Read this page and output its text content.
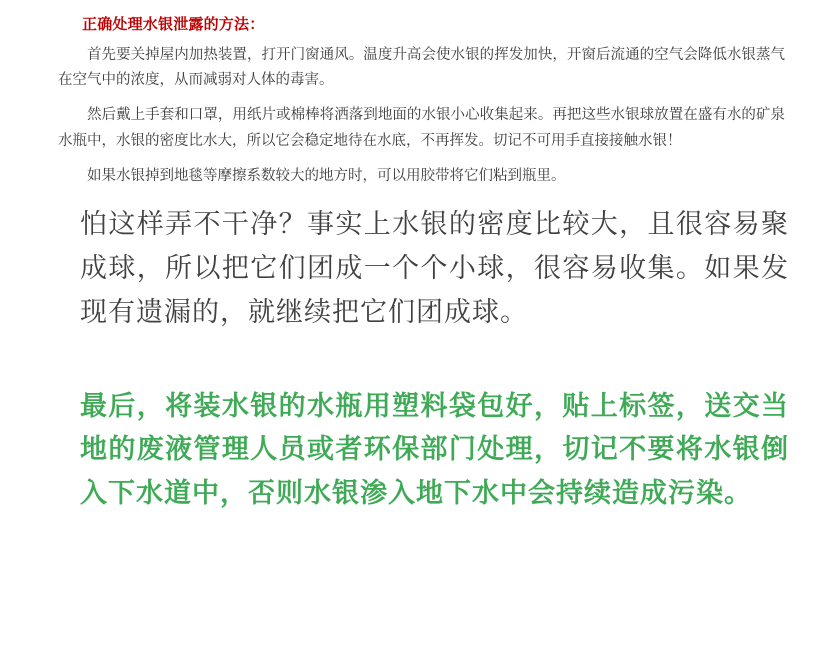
正确处理水银泄露的方法：

首先要关掉屋内加热装置，打开门窗通风。温度升高会使水银的挥发加快，开窗后流通的空气会降低水银蒸气在空气中的浓度，从而减弱对人体的毒害。

然后戴上手套和口罩，用纸片或棉棒将洒落到地面的水银小心收集起来。再把这些水银球放置在盛有水的矿泉水瓶中，水银的密度比水大，所以它会稳定地待在水底，不再挥发。切记不可用手直接接触水银！

如果水银掉到地毯等摩擦系数较大的地方时，可以用胶带将它们粘到瓶里。

怕这样弄不干净？事实上水银的密度比较大，且很容易聚成球，所以把它们团成一个个小球，很容易收集。如果发现有遗漏的，就继续把它们团成球。

最后，将装水银的水瓶用塑料袋包好，贴上标签，送交当地的废液管理人员或者环保部门处理，切记不要将水银倒入下水道中，否则水银渗入地下水中会持续造成污染。
